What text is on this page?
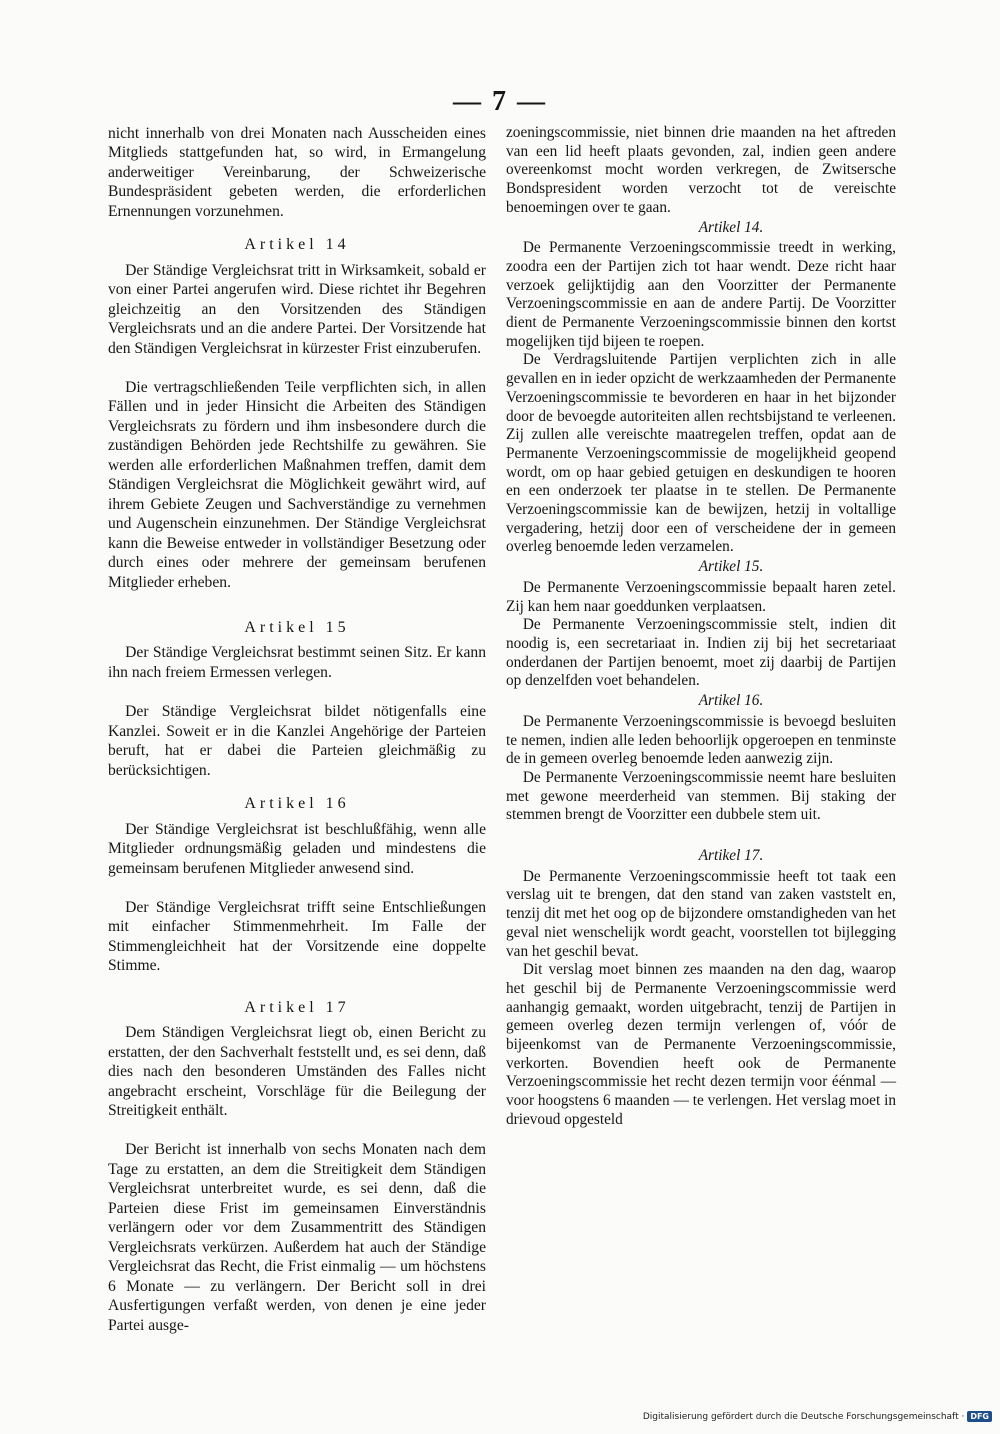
— 7 —

nicht innerhalb von drei Monaten nach Ausscheiden eines Mitglieds stattgefunden hat, so wird, in Ermangelung anderweitiger Vereinbarung, der Schweizerische Bundespräsident gebeten werden, die erforderlichen Ernennungen vorzunehmen.

Artikel 14

Der Ständige Vergleichsrat tritt in Wirksamkeit, sobald er von einer Partei angerufen wird. Diese richtet ihr Begehren gleichzeitig an den Vorsitzenden des Ständigen Vergleichsrats und an die andere Partei. Der Vorsitzende hat den Ständigen Vergleichsrat in kürzester Frist einzuberufen.

Die vertragschließenden Teile verpflichten sich, in allen Fällen und in jeder Hinsicht die Arbeiten des Ständigen Vergleichsrats zu fördern und ihm insbesondere durch die zuständigen Behörden jede Rechtshilfe zu gewähren. Sie werden alle erforderlichen Maßnahmen treffen, damit dem Ständigen Vergleichsrat die Möglichkeit gewährt wird, auf ihrem Gebiete Zeugen und Sachverständige zu vernehmen und Augenschein einzunehmen. Der Ständige Vergleichsrat kann die Beweise entweder in vollständiger Besetzung oder durch eines oder mehrere der gemeinsam berufenen Mitglieder erheben.

Artikel 15

Der Ständige Vergleichsrat bestimmt seinen Sitz. Er kann ihn nach freiem Ermessen verlegen.

Der Ständige Vergleichsrat bildet nötigenfalls eine Kanzlei. Soweit er in die Kanzlei Angehörige der Parteien beruft, hat er dabei die Parteien gleichmäßig zu berücksichtigen.

Artikel 16

Der Ständige Vergleichsrat ist beschlußfähig, wenn alle Mitglieder ordnungsmäßig geladen und mindestens die gemeinsam berufenen Mitglieder anwesend sind.

Der Ständige Vergleichsrat trifft seine Entschließungen mit einfacher Stimmenmehrheit. Im Falle der Stimmengleichheit hat der Vorsitzende eine doppelte Stimme.

Artikel 17

Dem Ständigen Vergleichsrat liegt ob, einen Bericht zu erstatten, der den Sachverhalt feststellt und, es sei denn, daß dies nach den besonderen Umständen des Falles nicht angebracht erscheint, Vorschläge für die Beilegung der Streitigkeit enthält.

Der Bericht ist innerhalb von sechs Monaten nach dem Tage zu erstatten, an dem die Streitigkeit dem Ständigen Vergleichsrat unterbreitet wurde, es sei denn, daß die Parteien diese Frist im gemeinsamen Einverständnis verlängern oder vor dem Zusammentritt des Ständigen Vergleichsrats verkürzen. Außerdem hat auch der Ständige Vergleichsrat das Recht, die Frist einmalig — um höchstens 6 Monate — zu verlängern. Der Bericht soll in drei Ausfertigungen verfaßt werden, von denen je eine jeder Partei ausge-

zoeningscommissie, niet binnen drie maanden na het aftreden van een lid heeft plaats gevonden, zal, indien geen andere overeenkomst mocht worden verkregen, de Zwitsersche Bondspresident worden verzocht tot de vereischte benoemingen over te gaan.

Artikel 14.

De Permanente Verzoeningscommissie treedt in werking, zoodra een der Partijen zich tot haar wendt. Deze richt haar verzoek gelijktijdig aan den Voorzitter der Permanente Verzoeningscommissie en aan de andere Partij. De Voorzitter dient de Permanente Verzoeningscommissie binnen den kortst mogelijken tijd bijeen te roepen.

De Verdragsluitende Partijen verplichten zich in alle gevallen en in ieder opzicht de werkzaamheden der Permanente Verzoeningscommissie te bevorderen en haar in het bijzonder door de bevoegde autoriteiten allen rechtsbijstand te verleenen. Zij zullen alle vereischte maatregelen treffen, opdat aan de Permanente Verzoeningscommissie de mogelijkheid geopend wordt, om op haar gebied getuigen en deskundigen te hooren en een onderzoek ter plaatse in te stellen. De Permanente Verzoeningscommissie kan de bewijzen, hetzij in voltallige vergadering, hetzij door een of verscheidene der in gemeen overleg benoemde leden verzamelen.

Artikel 15.

De Permanente Verzoeningscommissie bepaalt haren zetel. Zij kan hem naar goeddunken verplaatsen.

De Permanente Verzoeningscommissie stelt, indien dit noodig is, een secretariaat in. Indien zij bij het secretariaat onderdanen der Partijen benoemt, moet zij daarbij de Partijen op denzelfden voet behandelen.

Artikel 16.

De Permanente Verzoeningscommissie is bevoegd besluiten te nemen, indien alle leden behoorlijk opgeroepen en tenminste de in gemeen overleg benoemde leden aanwezig zijn.

De Permanente Verzoeningscommissie neemt hare besluiten met gewone meerderheid van stemmen. Bij staking der stemmen brengt de Voorzitter een dubbele stem uit.

Artikel 17.

De Permanente Verzoeningscommissie heeft tot taak een verslag uit te brengen, dat den stand van zaken vaststelt en, tenzij dit met het oog op de bijzondere omstandigheden van het geval niet wenschelijk wordt geacht, voorstellen tot bijlegging van het geschil bevat.

Dit verslag moet binnen zes maanden na den dag, waarop het geschil bij de Permanente Verzoeningscommissie werd aanhangig gemaakt, worden uitgebracht, tenzij de Partijen in gemeen overleg dezen termijn verlengen of, vóór de bijeenkomst van de Permanente Verzoeningscommissie, verkorten. Bovendien heeft ook de Permanente Verzoeningscommissie het recht dezen termijn voor éénmal — voor hoogstens 6 maanden — te verlengen. Het verslag moet in drievoud opgesteld

Digitalisierung gefördert durch die Deutsche Forschungsgemeinschaft · DFG
